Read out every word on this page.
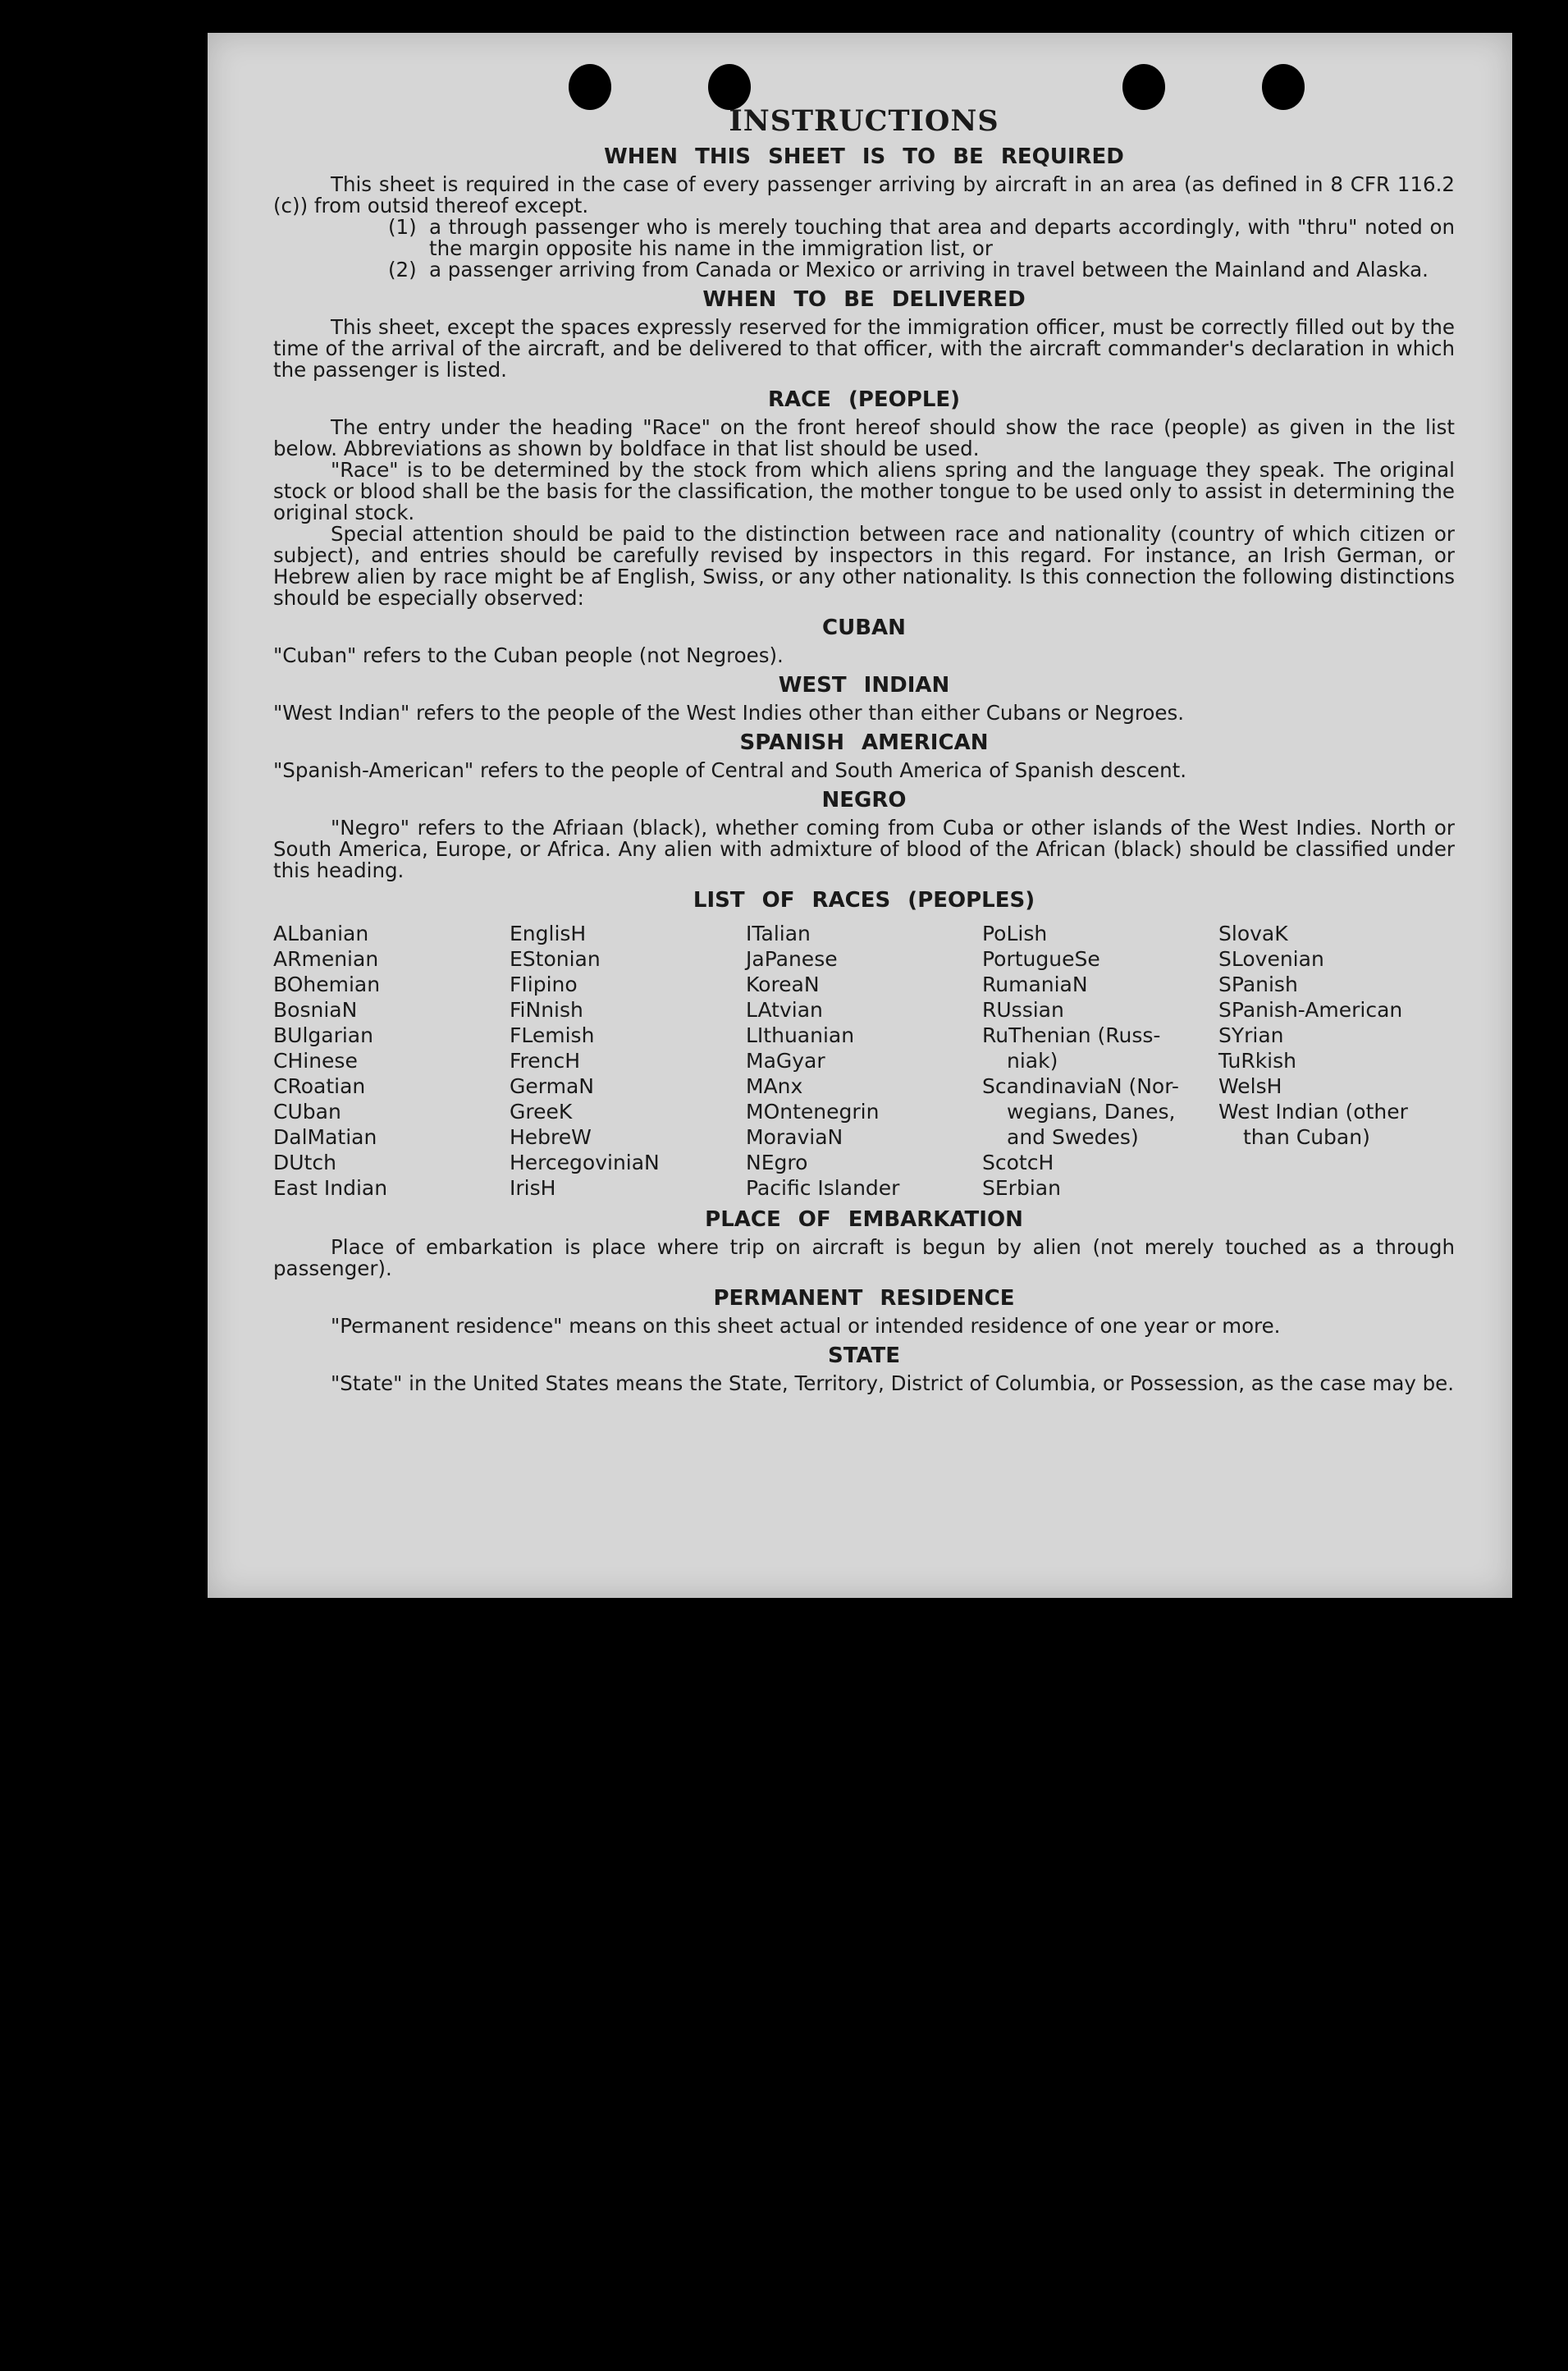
INSTRUCTIONS
WHEN THIS SHEET IS TO BE REQUIRED

This sheet is required in the case of every passenger arriving by aircraft in an area (as defined in 8 CFR 116.2 (c)) from outsid thereof except.

(1) a through passenger who is merely touching that area and departs accordingly, with "thru" noted on the margin opposite his name in the immigration list, or
(2) a passenger arriving from Canada or Mexico or arriving in travel between the Mainland and Alaska.
WHEN TO BE DELIVERED

This sheet, except the spaces expressly reserved for the immigration officer, must be correctly filled out by the time of the arrival of the aircraft, and be delivered to that officer, with the aircraft commander's declaration in which the passenger is listed.

RACE (PEOPLE)

The entry under the heading "Race" on the front hereof should show the race (people) as given in the list below. Abbreviations as shown by boldface in that list should be used.

"Race" is to be determined by the stock from which aliens spring and the language they speak. The original stock or blood shall be the basis for the classification, the mother tongue to be used only to assist in determining the original stock.

Special attention should be paid to the distinction between race and nationality (country of which citizen or subject), and entries should be carefully revised by inspectors in this regard. For instance, an Irish German, or Hebrew alien by race might be af English, Swiss, or any other nationality. Is this connection the following distinctions should be especially observed:

CUBAN

"Cuban" refers to the Cuban people (not Negroes).

WEST INDIAN

"West Indian" refers to the people of the West Indies other than either Cubans or Negroes.

SPANISH AMERICAN

"Spanish-American" refers to the people of Central and South America of Spanish descent.

NEGRO

"Negro" refers to the Afriaan (black), whether coming from Cuba or other islands of the West Indies. North or South America, Europe, or Africa. Any alien with admixture of blood of the African (black) should be classified under this heading.

LIST OF RACES (PEOPLES)
ALbanian
ARmenian
BOhemian
BosniaN
BUlgarian
CHinese
CRoatian
CUban
DalMatian
DUtch
East Indian
EnglisH
EStonian
FIipino
FiNnish
FLemish
FrencH
GermaN
GreeK
HebreW
HercegoviniaN
IrisH
ITalian
JaPanese
KoreaN
LAtvian
LIthuanian
MaGyar
MAnx
MOntenegrin
MoraviaN
NEgro
Pacific Islander
PoLish
PortugueSe
RumaniaN
RUssian
RuThenian (Russ-
niak)
ScandinaviaN (Nor-
wegians, Danes,
and Swedes)
ScotcH
SErbian
SlovaK
SLovenian
SPanish
SPanish-American
SYrian
TuRkish
WelsH
West Indian (other
than Cuban)
PLACE OF EMBARKATION

Place of embarkation is place where trip on aircraft is begun by alien (not merely touched as a through passenger).

PERMANENT RESIDENCE

"Permanent residence" means on this sheet actual or intended residence of one year or more.

STATE

"State" in the United States means the State, Territory, District of Columbia, or Possession, as the case may be.
